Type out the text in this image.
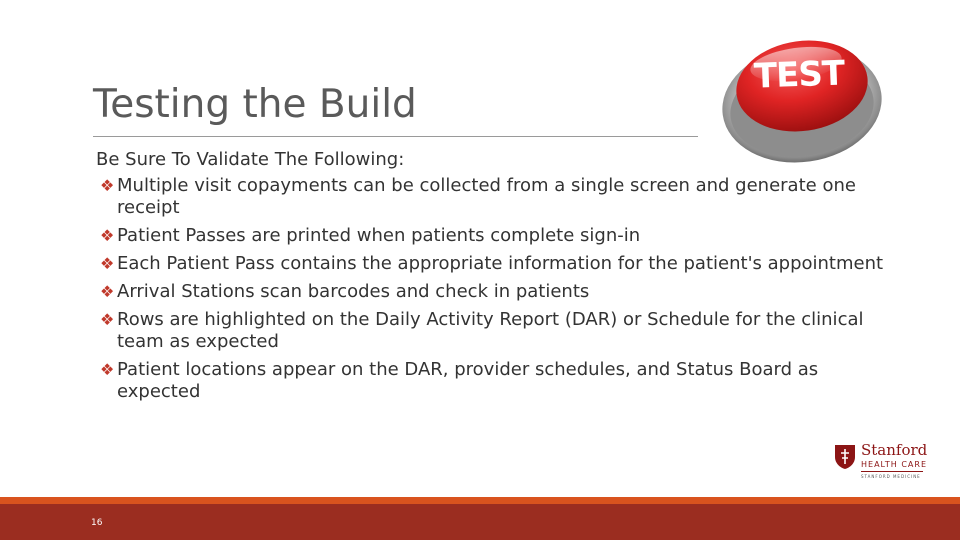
Testing the Build
TEST

Be Sure To Validate The Following:

❖ Multiple visit copayments can be collected from a single screen and generate one receipt
❖ Patient Passes are printed when patients complete sign-in
❖ Each Patient Pass contains the appropriate information for the patient's appointment
❖ Arrival Stations scan barcodes and check in patients
❖ Rows are highlighted on the Daily Activity Report (DAR) or Schedule for the clinical team as expected
❖ Patient locations appear on the DAR, provider schedules, and Status Board as expected
Stanford
HEALTH CARE
STANFORD MEDICINE
16
